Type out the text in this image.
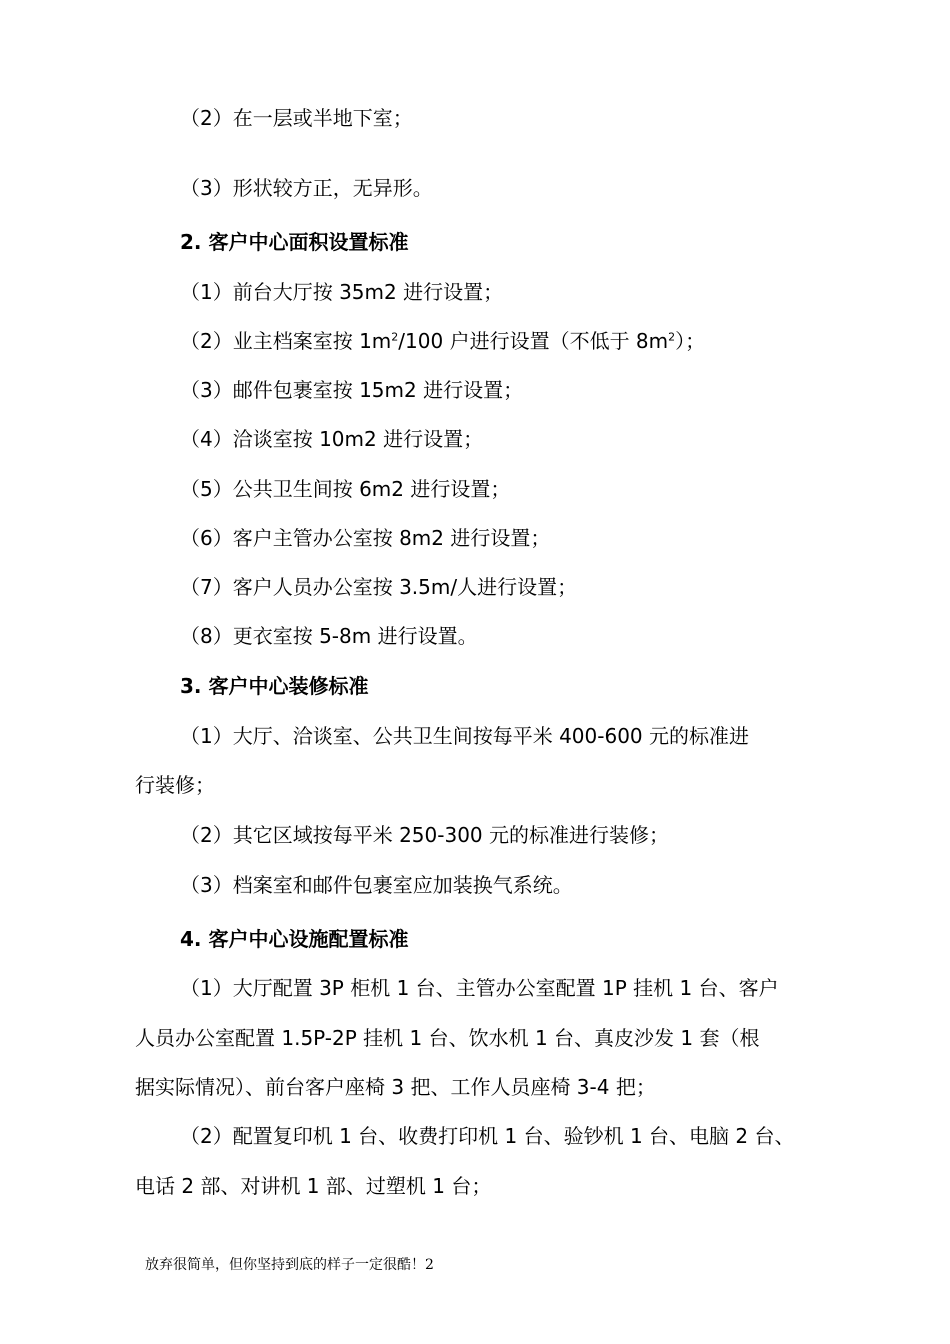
（2）在一层或半地下室；

（3）形状较方正，无异形。

2. 客户中心面积设置标准

（1）前台大厅按 35m2 进行设置；

（2）业主档案室按 $1m^2/100$ 户进行设置（不低于 $8m^2$）；

（3）邮件包裹室按 15m2 进行设置；

（4）洽谈室按 10m2 进行设置；

（5）公共卫生间按 6m2 进行设置；

（6）客户主管办公室按 8m2 进行设置；

（7）客户人员办公室按 3.5m/人进行设置；

（8）更衣室按 5-8m 进行设置。

3. 客户中心装修标准

（1）大厅、洽谈室、公共卫生间按每平米 400-600 元的标准进

行装修；

（2）其它区域按每平米 250-300 元的标准进行装修；

（3）档案室和邮件包裹室应加装换气系统。

4. 客户中心设施配置标准

（1）大厅配置 3P 柜机 1 台、主管办公室配置 1P 挂机 1 台、客户

人员办公室配置 1.5P-2P 挂机 1 台、饮水机 1 台、真皮沙发 1 套（根

据实际情况）、前台客户座椅 3 把、工作人员座椅 3-4 把；

（2）配置复印机 1 台、收费打印机 1 台、验钞机 1 台、电脑 2 台、

电话 2 部、对讲机 1 部、过塑机 1 台；

放弃很简单，但你坚持到底的样子一定很酷！2
